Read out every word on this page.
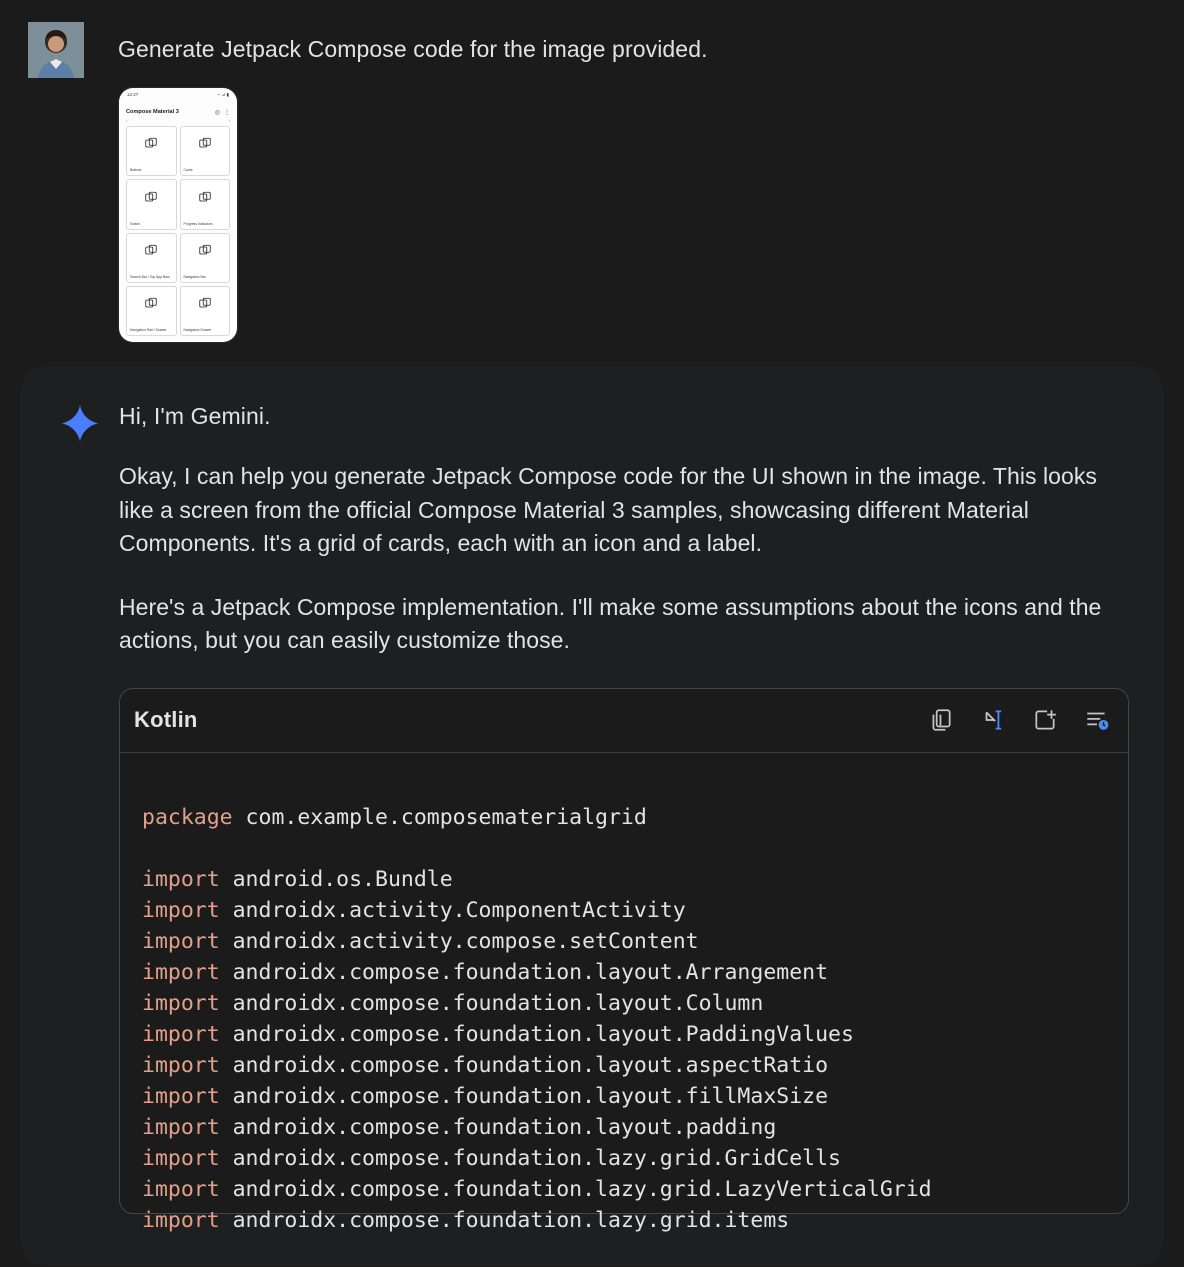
Generate Jetpack Compose code for the image provided.
12:27	⌁ ⊿ ▮
Compose Material 3	◎ ⋮
‹	›
Buttons	Cards
Switch	Progress Indicators
Search Bar / Top App Bars	Navigation Bar
Navigation Rail / Drawer	Navigation Drawer
Hi, I'm Gemini.

Okay, I can help you generate Jetpack Compose code for the UI shown in the image. This looks like a screen from the official Compose Material 3 samples, showcasing different Material Components. It's a grid of cards, each with an icon and a label.

Here's a Jetpack Compose implementation. I'll make some assumptions about the icons and the actions, but you can easily customize those.

Kotlin

package com.example.composematerialgrid

import android.os.Bundle
import androidx.activity.ComponentActivity
import androidx.activity.compose.setContent
import androidx.compose.foundation.layout.Arrangement
import androidx.compose.foundation.layout.Column
import androidx.compose.foundation.layout.PaddingValues
import androidx.compose.foundation.layout.aspectRatio
import androidx.compose.foundation.layout.fillMaxSize
import androidx.compose.foundation.layout.padding
import androidx.compose.foundation.lazy.grid.GridCells
import androidx.compose.foundation.lazy.grid.LazyVerticalGrid
import androidx.compose.foundation.lazy.grid.items
